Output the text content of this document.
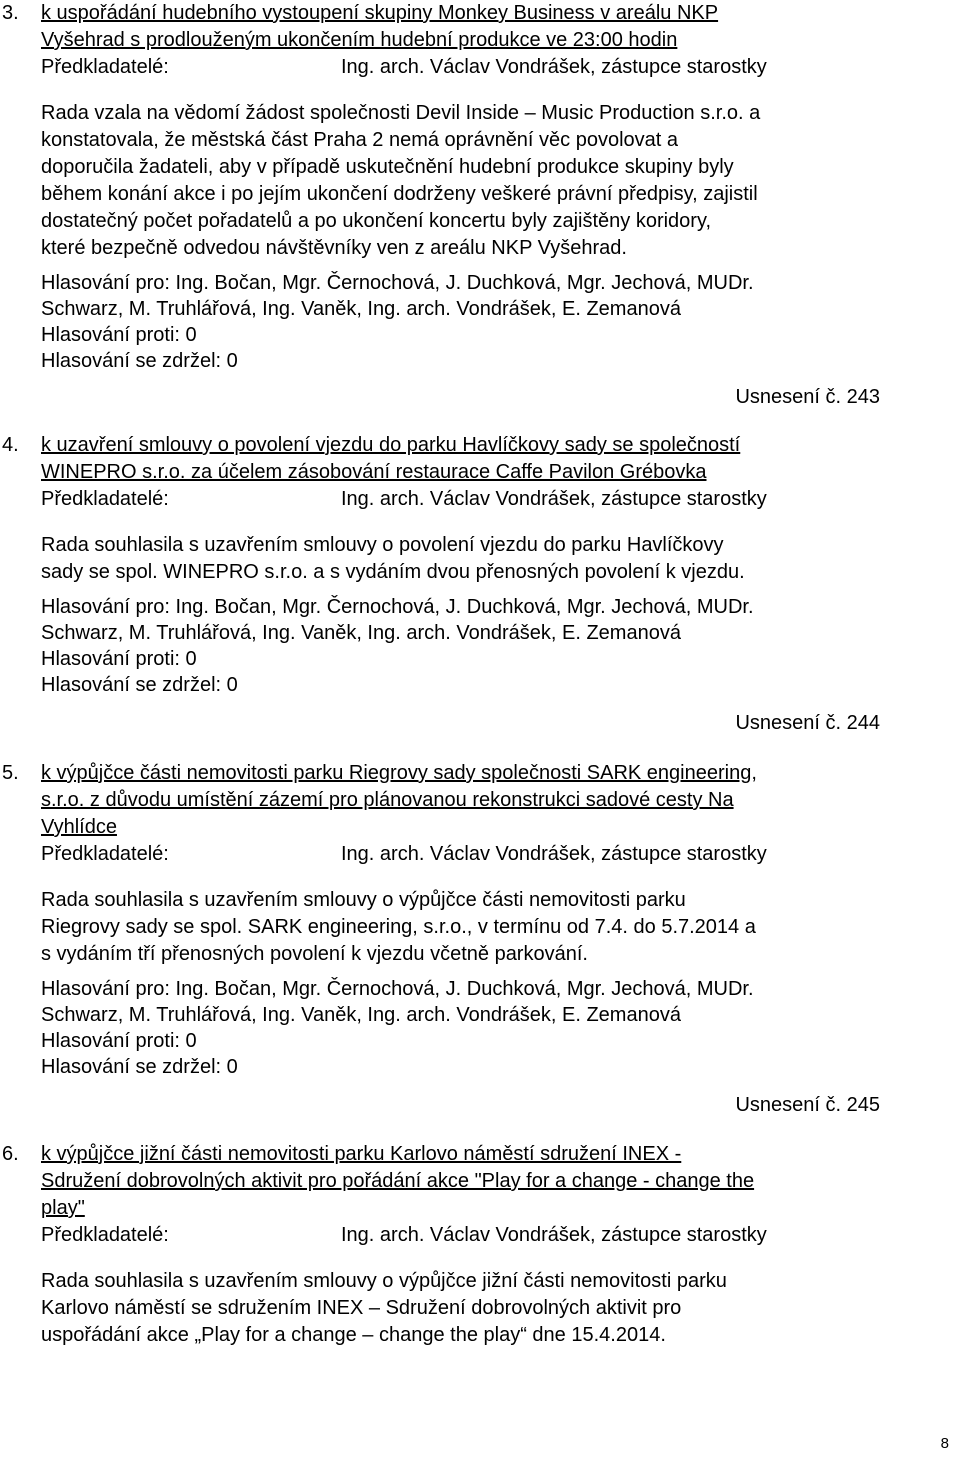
3. k uspořádání hudebního vystoupení skupiny Monkey Business v areálu NKP
Vyšehrad s prodlouženým ukončením hudební produkce ve 23:00 hodin
Předkladatelé:	Ing. arch. Václav Vondrášek, zástupce starostky
Rada vzala na vědomí žádost společnosti Devil Inside – Music Production s.r.o. a
konstatovala, že městská část Praha 2 nemá oprávnění věc povolovat a
doporučila žadateli, aby v případě uskutečnění hudební produkce skupiny byly
během konání akce i po jejím ukončení dodrženy veškeré právní předpisy, zajistil
dostatečný počet pořadatelů a po ukončení koncertu byly zajištěny koridory,
které bezpečně odvedou návštěvníky ven z areálu NKP Vyšehrad.
Hlasování pro: Ing. Bočan, Mgr. Černochová, J. Duchková, Mgr. Jechová, MUDr.
Schwarz, M. Truhlářová, Ing. Vaněk, Ing. arch. Vondrášek, E. Zemanová
Hlasování proti: 0
Hlasování se zdržel: 0
Usnesení č. 243
4. k uzavření smlouvy o povolení vjezdu do parku Havlíčkovy sady se společností
WINEPRO s.r.o. za účelem zásobování restaurace Caffe Pavilon Grébovka
Předkladatelé:	Ing. arch. Václav Vondrášek, zástupce starostky
Rada souhlasila s uzavřením smlouvy o povolení vjezdu do parku Havlíčkovy
sady se spol. WINEPRO s.r.o. a s vydáním dvou přenosných povolení k vjezdu.
Hlasování pro: Ing. Bočan, Mgr. Černochová, J. Duchková, Mgr. Jechová, MUDr.
Schwarz, M. Truhlářová, Ing. Vaněk, Ing. arch. Vondrášek, E. Zemanová
Hlasování proti: 0
Hlasování se zdržel: 0
Usnesení č. 244
5. k výpůjčce části nemovitosti parku Riegrovy sady společnosti SARK engineering,
s.r.o. z důvodu umístění zázemí pro plánovanou rekonstrukci sadové cesty Na
Vyhlídce
Předkladatelé:	Ing. arch. Václav Vondrášek, zástupce starostky
Rada souhlasila s uzavřením smlouvy o výpůjčce části nemovitosti parku
Riegrovy sady se spol. SARK engineering, s.r.o., v termínu od 7.4. do 5.7.2014 a
s vydáním tří přenosných povolení k vjezdu včetně parkování.
Hlasování pro: Ing. Bočan, Mgr. Černochová, J. Duchková, Mgr. Jechová, MUDr.
Schwarz, M. Truhlářová, Ing. Vaněk, Ing. arch. Vondrášek, E. Zemanová
Hlasování proti: 0
Hlasování se zdržel: 0
Usnesení č. 245
6. k výpůjčce jižní části nemovitosti parku Karlovo náměstí sdružení INEX -
Sdružení dobrovolných aktivit pro pořádání akce "Play for a change - change the
play"
Předkladatelé:	Ing. arch. Václav Vondrášek, zástupce starostky
Rada souhlasila s uzavřením smlouvy o výpůjčce jižní části nemovitosti parku
Karlovo náměstí se sdružením INEX – Sdružení dobrovolných aktivit pro
uspořádání akce „Play for a change – change the play“ dne 15.4.2014.
8
